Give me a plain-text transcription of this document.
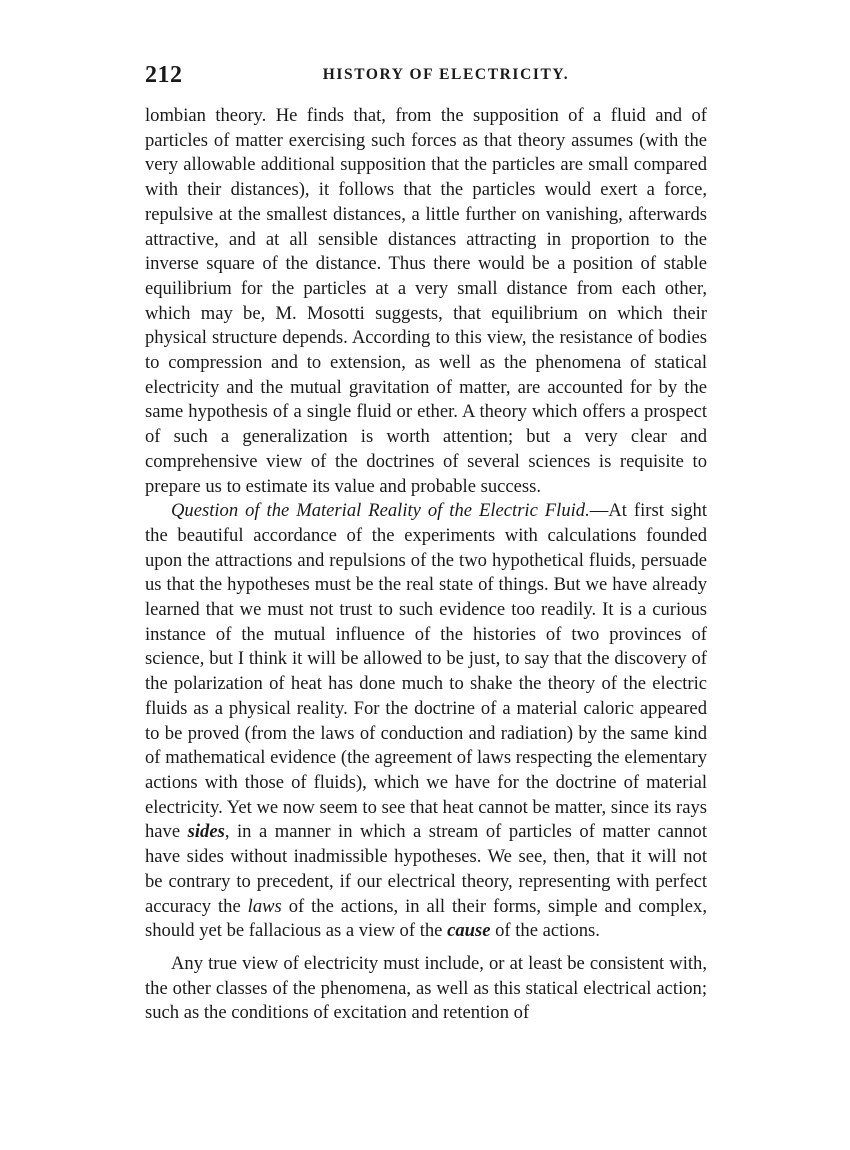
212	HISTORY OF ELECTRICITY.

lombian theory. He finds that, from the supposition of a fluid and of particles of matter exercising such forces as that theory assumes (with the very allowable additional supposition that the particles are small compared with their distances), it follows that the particles would exert a force, repulsive at the smallest distances, a little further on vanishing, afterwards attractive, and at all sensible distances attracting in proportion to the inverse square of the distance. Thus there would be a position of stable equilibrium for the particles at a very small distance from each other, which may be, M. Mosotti suggests, that equilibrium on which their physical structure depends. According to this view, the resistance of bodies to compression and to extension, as well as the phenomena of statical electricity and the mutual gravitation of matter, are accounted for by the same hypothesis of a single fluid or ether. A theory which offers a prospect of such a generalization is worth attention; but a very clear and comprehensive view of the doctrines of several sciences is requisite to prepare us to estimate its value and probable success.

Question of the Material Reality of the Electric Fluid.—At first sight the beautiful accordance of the experiments with calculations founded upon the attractions and repulsions of the two hypothetical fluids, persuade us that the hypotheses must be the real state of things. But we have already learned that we must not trust to such evidence too readily. It is a curious instance of the mutual influence of the histories of two provinces of science, but I think it will be allowed to be just, to say that the discovery of the polarization of heat has done much to shake the theory of the electric fluids as a physical reality. For the doctrine of a material caloric appeared to be proved (from the laws of conduction and radiation) by the same kind of mathematical evidence (the agreement of laws respecting the elementary actions with those of fluids), which we have for the doctrine of material electricity. Yet we now seem to see that heat cannot be matter, since its rays have sides, in a manner in which a stream of particles of matter cannot have sides without inadmissible hypotheses. We see, then, that it will not be contrary to precedent, if our electrical theory, representing with perfect accuracy the laws of the actions, in all their forms, simple and complex, should yet be fallacious as a view of the cause of the actions.

Any true view of electricity must include, or at least be consistent with, the other classes of the phenomena, as well as this statical electrical action; such as the conditions of excitation and retention of
